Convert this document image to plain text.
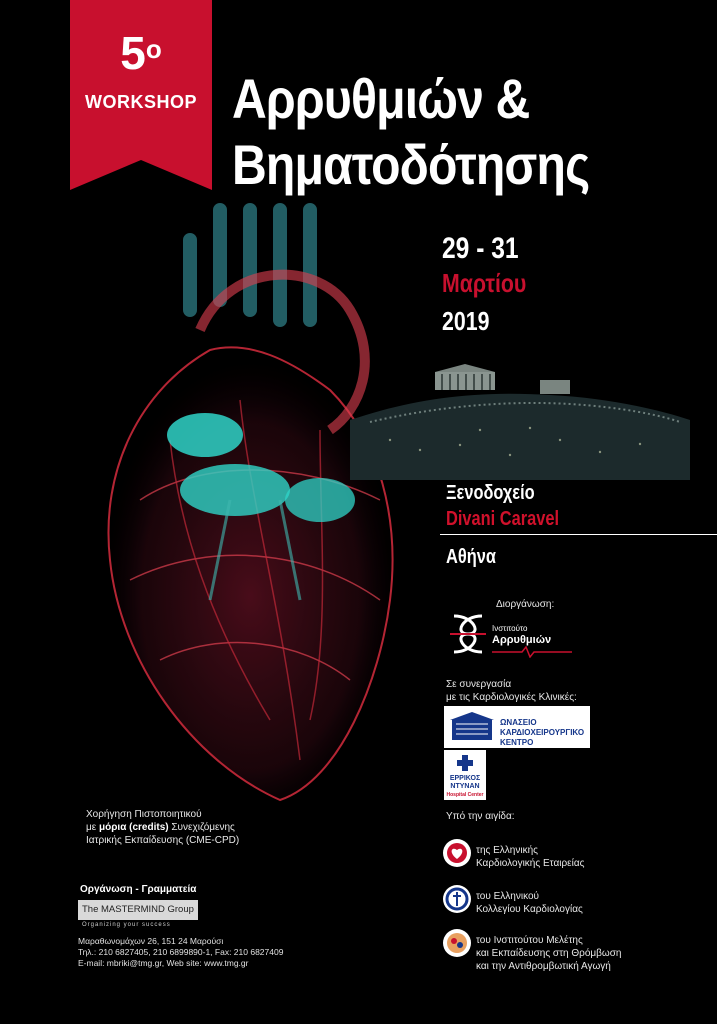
$5^o$
WORKSHOP Αρρυθμιών &
Βηματοδότησης
29 - 31
Μαρτίου
2019
Ξενοδοχείο
Divani Caravel
Αθήνα
Διοργάνωση:
Ινστιτούτο
Αρρυθμιών
Σε συνεργασία
με τις Καρδιολογικές Κλινικές:
ΩΝΑΣΕΙΟ
ΚΑΡΔΙΟΧΕΙΡΟΥΡΓΙΚΟ
ΚΕΝΤΡΟ
ΕΡΡΙΚΟΣ
ΝΤΥΝΑΝ
Hospital Center
Υπό την αιγίδα:
της Ελληνικής
Καρδιολογικής Εταιρείας
του Ελληνικού
Κολλεγίου Καρδιολογίας
του Ινστιτούτου Μελέτης
και Εκπαίδευσης στη Θρόμβωση
και την Αντιθρομβωτική Αγωγή
Χορήγηση Πιστοποιητικού
με μόρια (credits) Συνεχιζόμενης
Ιατρικής Εκπαίδευσης (CME-CPD)
Οργάνωση - Γραμματεία
The MASTERMIND Group
Organizing your success
Μαραθωνομάχων 26, 151 24 Μαρούσι
Τηλ.: 210 6827405, 210 6899890-1, Fax: 210 6827409
E-mail: mbriki@tmg.gr, Web site: www.tmg.gr
